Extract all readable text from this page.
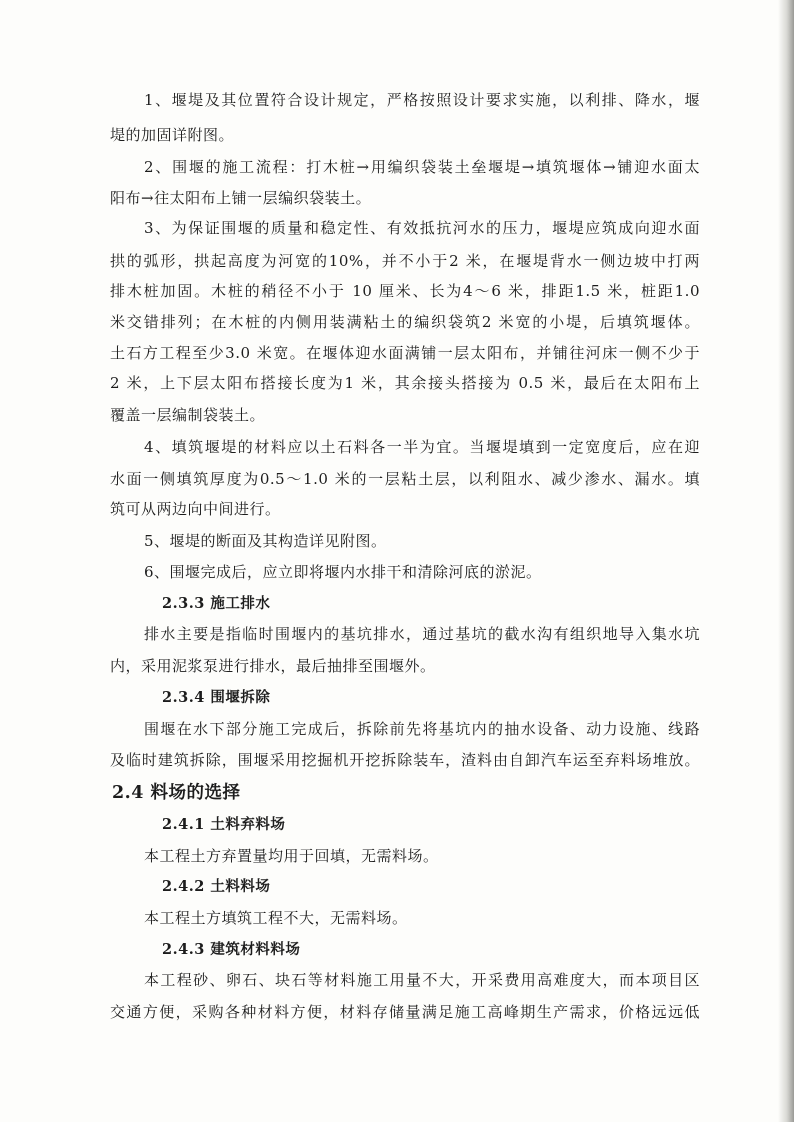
1、堰堤及其位置符合设计规定，严格按照设计要求实施，以利排、降水，堰
堤的加固详附图。
2、围堰的施工流程：打木桩→用编织袋装土垒堰堤→填筑堰体→铺迎水面太
阳布→往太阳布上铺一层编织袋装土。
3、为保证围堰的质量和稳定性、有效抵抗河水的压力，堰堤应筑成向迎水面
拱的弧形，拱起高度为河宽的10%，并不小于2 米，在堰堤背水一侧边坡中打两
排木桩加固。木桩的稍径不小于 10 厘米、长为4～6 米，排距1.5 米，桩距1.0
米交错排列；在木桩的内侧用装满粘土的编织袋筑2 米宽的小堤，后填筑堰体。
土石方工程至少3.0 米宽。在堰体迎水面满铺一层太阳布，并铺往河床一侧不少于
2 米，上下层太阳布搭接长度为1 米，其余接头搭接为 0.5 米，最后在太阳布上
覆盖一层编制袋装土。
4、填筑堰堤的材料应以土石料各一半为宜。当堰堤填到一定宽度后，应在迎
水面一侧填筑厚度为0.5～1.0 米的一层粘土层，以利阻水、减少渗水、漏水。填
筑可从两边向中间进行。
5、堰堤的断面及其构造详见附图。
6、围堰完成后，应立即将堰内水排干和清除河底的淤泥。
2.3.3 施工排水
排水主要是指临时围堰内的基坑排水，通过基坑的截水沟有组织地导入集水坑
内，采用泥浆泵进行排水，最后抽排至围堰外。
2.3.4 围堰拆除
围堰在水下部分施工完成后，拆除前先将基坑内的抽水设备、动力设施、线路
及临时建筑拆除，围堰采用挖掘机开挖拆除装车，渣料由自卸汽车运至弃料场堆放。
2.4 料场的选择
2.4.1 土料弃料场
本工程土方弃置量均用于回填，无需料场。
2.4.2 土料料场
本工程土方填筑工程不大，无需料场。
2.4.3 建筑材料料场
本工程砂、卵石、块石等材料施工用量不大，开采费用高难度大，而本项目区
交通方便，采购各种材料方便，材料存储量满足施工高峰期生产需求，价格远远低
